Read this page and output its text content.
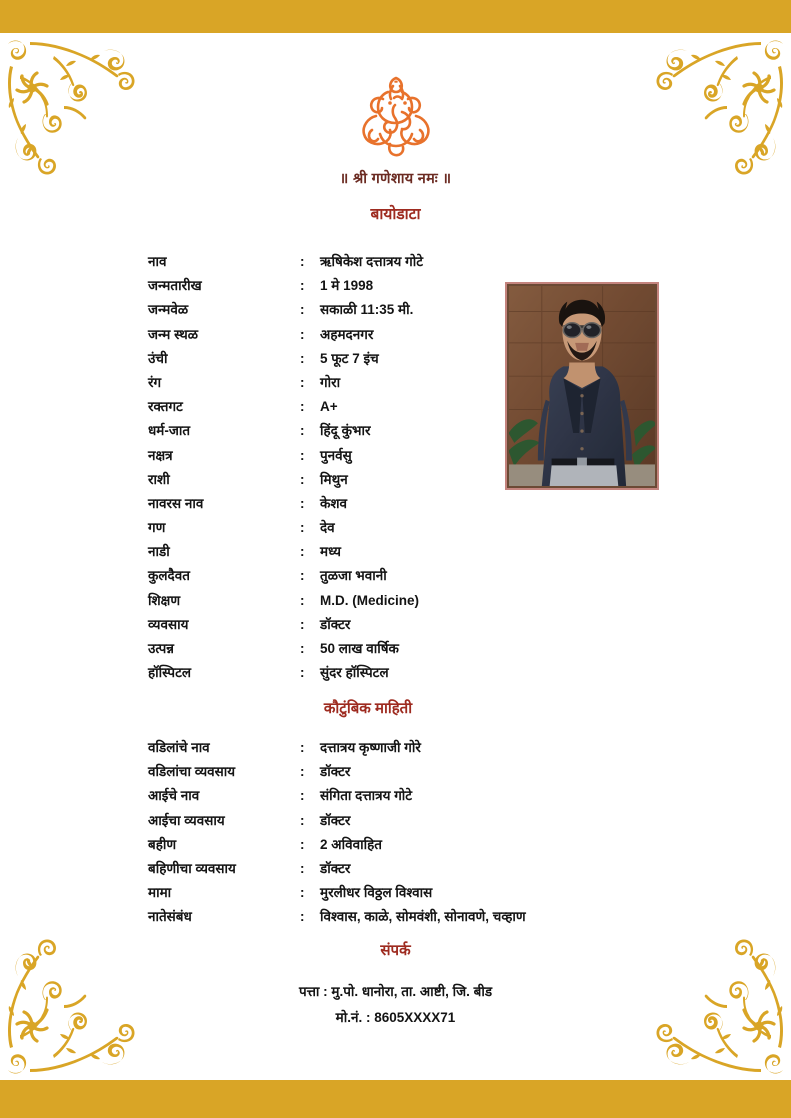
॥ श्री गणेशाय नमः ॥
बायोडाटा
नाव	: ऋषिकेश दत्तात्रय गोटे
जन्मतारीख	: 1 मे 1998
जन्मवेळ	: सकाळी 11:35 मी.
जन्म स्थळ	: अहमदनगर
उंची	: 5 फूट 7 इंच
रंग	: गोरा
रक्तगट	: A+
धर्म-जात	: हिंदू कुंभार
नक्षत्र	: पुनर्वसु
राशी	: मिथुन
नावरस नाव	: केशव
गण	: देव
नाडी	: मध्य
कुलदैवत	: तुळजा भवानी
शिक्षण	: M.D. (Medicine)
व्यवसाय	: डॉक्टर
उत्पन्न	: 50 लाख वार्षिक
हॉस्पिटल	: सुंदर हॉस्पिटल
कौटुंबिक माहिती
वडिलांचे नाव	: दत्तात्रय कृष्णाजी गोरे
वडिलांचा व्यवसाय	: डॉक्टर
आईचे नाव	: संगिता दत्तात्रय गोटे
आईचा व्यवसाय	: डॉक्टर
बहीण	: 2 अविवाहित
बहिणीचा व्यवसाय	: डॉक्टर
मामा	: मुरलीधर विठ्ठल विश्वास
नातेसंबंध	: विश्वास, काळे, सोमवंशी, सोनावणे, चव्हाण
संपर्क
पत्ता : मु.पो. धानोरा, ता. आष्टी, जि. बीड
मो.नं. : 8605XXXX71
